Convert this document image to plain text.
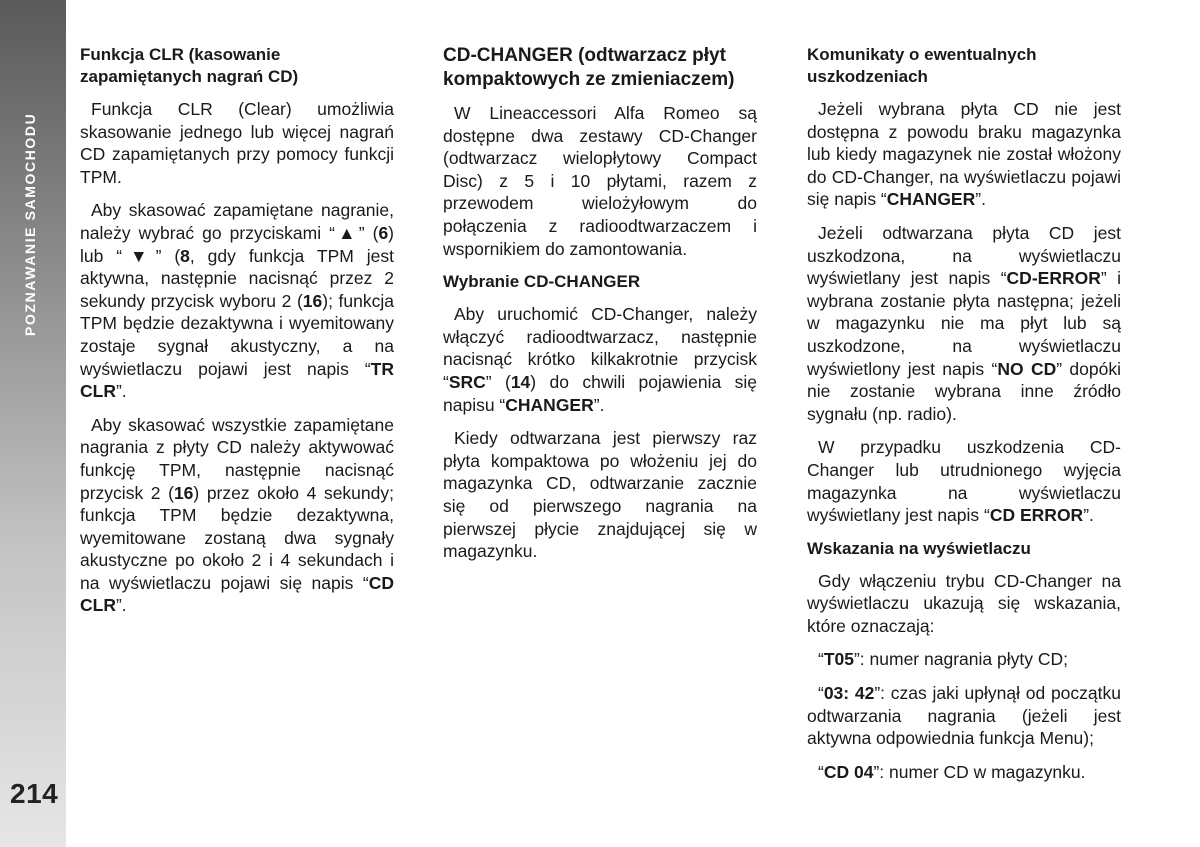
POZNAWANIE SAMOCHODU
214
Funkcja CLR (kasowanie zapamiętanych nagrań CD)

Funkcja CLR (Clear) umożliwia skasowanie jednego lub więcej nagrań CD zapamiętanych przy pomocy funkcji TPM.

Aby skasować zapamiętane nagranie, należy wybrać go przyciskami “▲” (6) lub “▼” (8, gdy funkcja TPM jest aktywna, następnie nacisnąć przez 2 sekundy przycisk wyboru 2 (16); funkcja TPM będzie dezaktywna i wyemitowany zostaje sygnał akustyczny, a na wyświetlaczu pojawi jest napis “TR CLR”.

Aby skasować wszystkie zapamiętane nagrania z płyty CD należy aktywować funkcję TPM, następnie nacisnąć przycisk 2 (16) przez około 4 sekundy; funkcja TPM będzie dezaktywna, wyemitowane zostaną dwa sygnały akustyczne po około 2 i 4 sekundach i na wyświetlaczu pojawi się napis “CD CLR”.

CD-CHANGER (odtwarzacz płyt kompaktowych ze zmieniaczem)

W Lineaccessori Alfa Romeo są dostępne dwa zestawy CD-Changer (odtwarzacz wielopłytowy Compact Disc) z 5 i 10 płytami, razem z przewodem wielożyłowym do połączenia z radioodtwarzaczem i wspornikiem do zamontowania.

Wybranie CD-CHANGER

Aby uruchomić CD-Changer, należy włączyć radioodtwarzacz, następnie nacisnąć krótko kilkakrotnie przycisk “SRC” (14) do chwili pojawienia się napisu “CHANGER”.

Kiedy odtwarzana jest pierwszy raz płyta kompaktowa po włożeniu jej do magazynka CD, odtwarzanie zacznie się od pierwszego nagrania na pierwszej płycie znajdującej się w magazynku.

Komunikaty o ewentualnych uszkodzeniach

Jeżeli wybrana płyta CD nie jest dostępna z powodu braku magazynka lub kiedy magazynek nie został włożony do CD-Changer, na wyświetlaczu pojawi się napis “CHANGER”.

Jeżeli odtwarzana płyta CD jest uszkodzona, na wyświetlaczu wyświetlany jest napis “CD-ERROR” i wybrana zostanie płyta następna; jeżeli w magazynku nie ma płyt lub są uszkodzone, na wyświetlaczu wyświetlony jest napis “NO CD” dopóki nie zostanie wybrana inne źródło sygnału (np. radio).

W przypadku uszkodzenia CD-Changer lub utrudnionego wyjęcia magazynka na wyświetlaczu wyświetlany jest napis “CD ERROR”.

Wskazania na wyświetlaczu

Gdy włączeniu trybu CD-Changer na wyświetlaczu ukazują się wskazania, które oznaczają:

“T05”: numer nagrania płyty CD;

“03: 42”: czas jaki upłynął od początku odtwarzania nagrania (jeżeli jest aktywna odpowiednia funkcja Menu);

“CD 04”: numer CD w magazynku.
